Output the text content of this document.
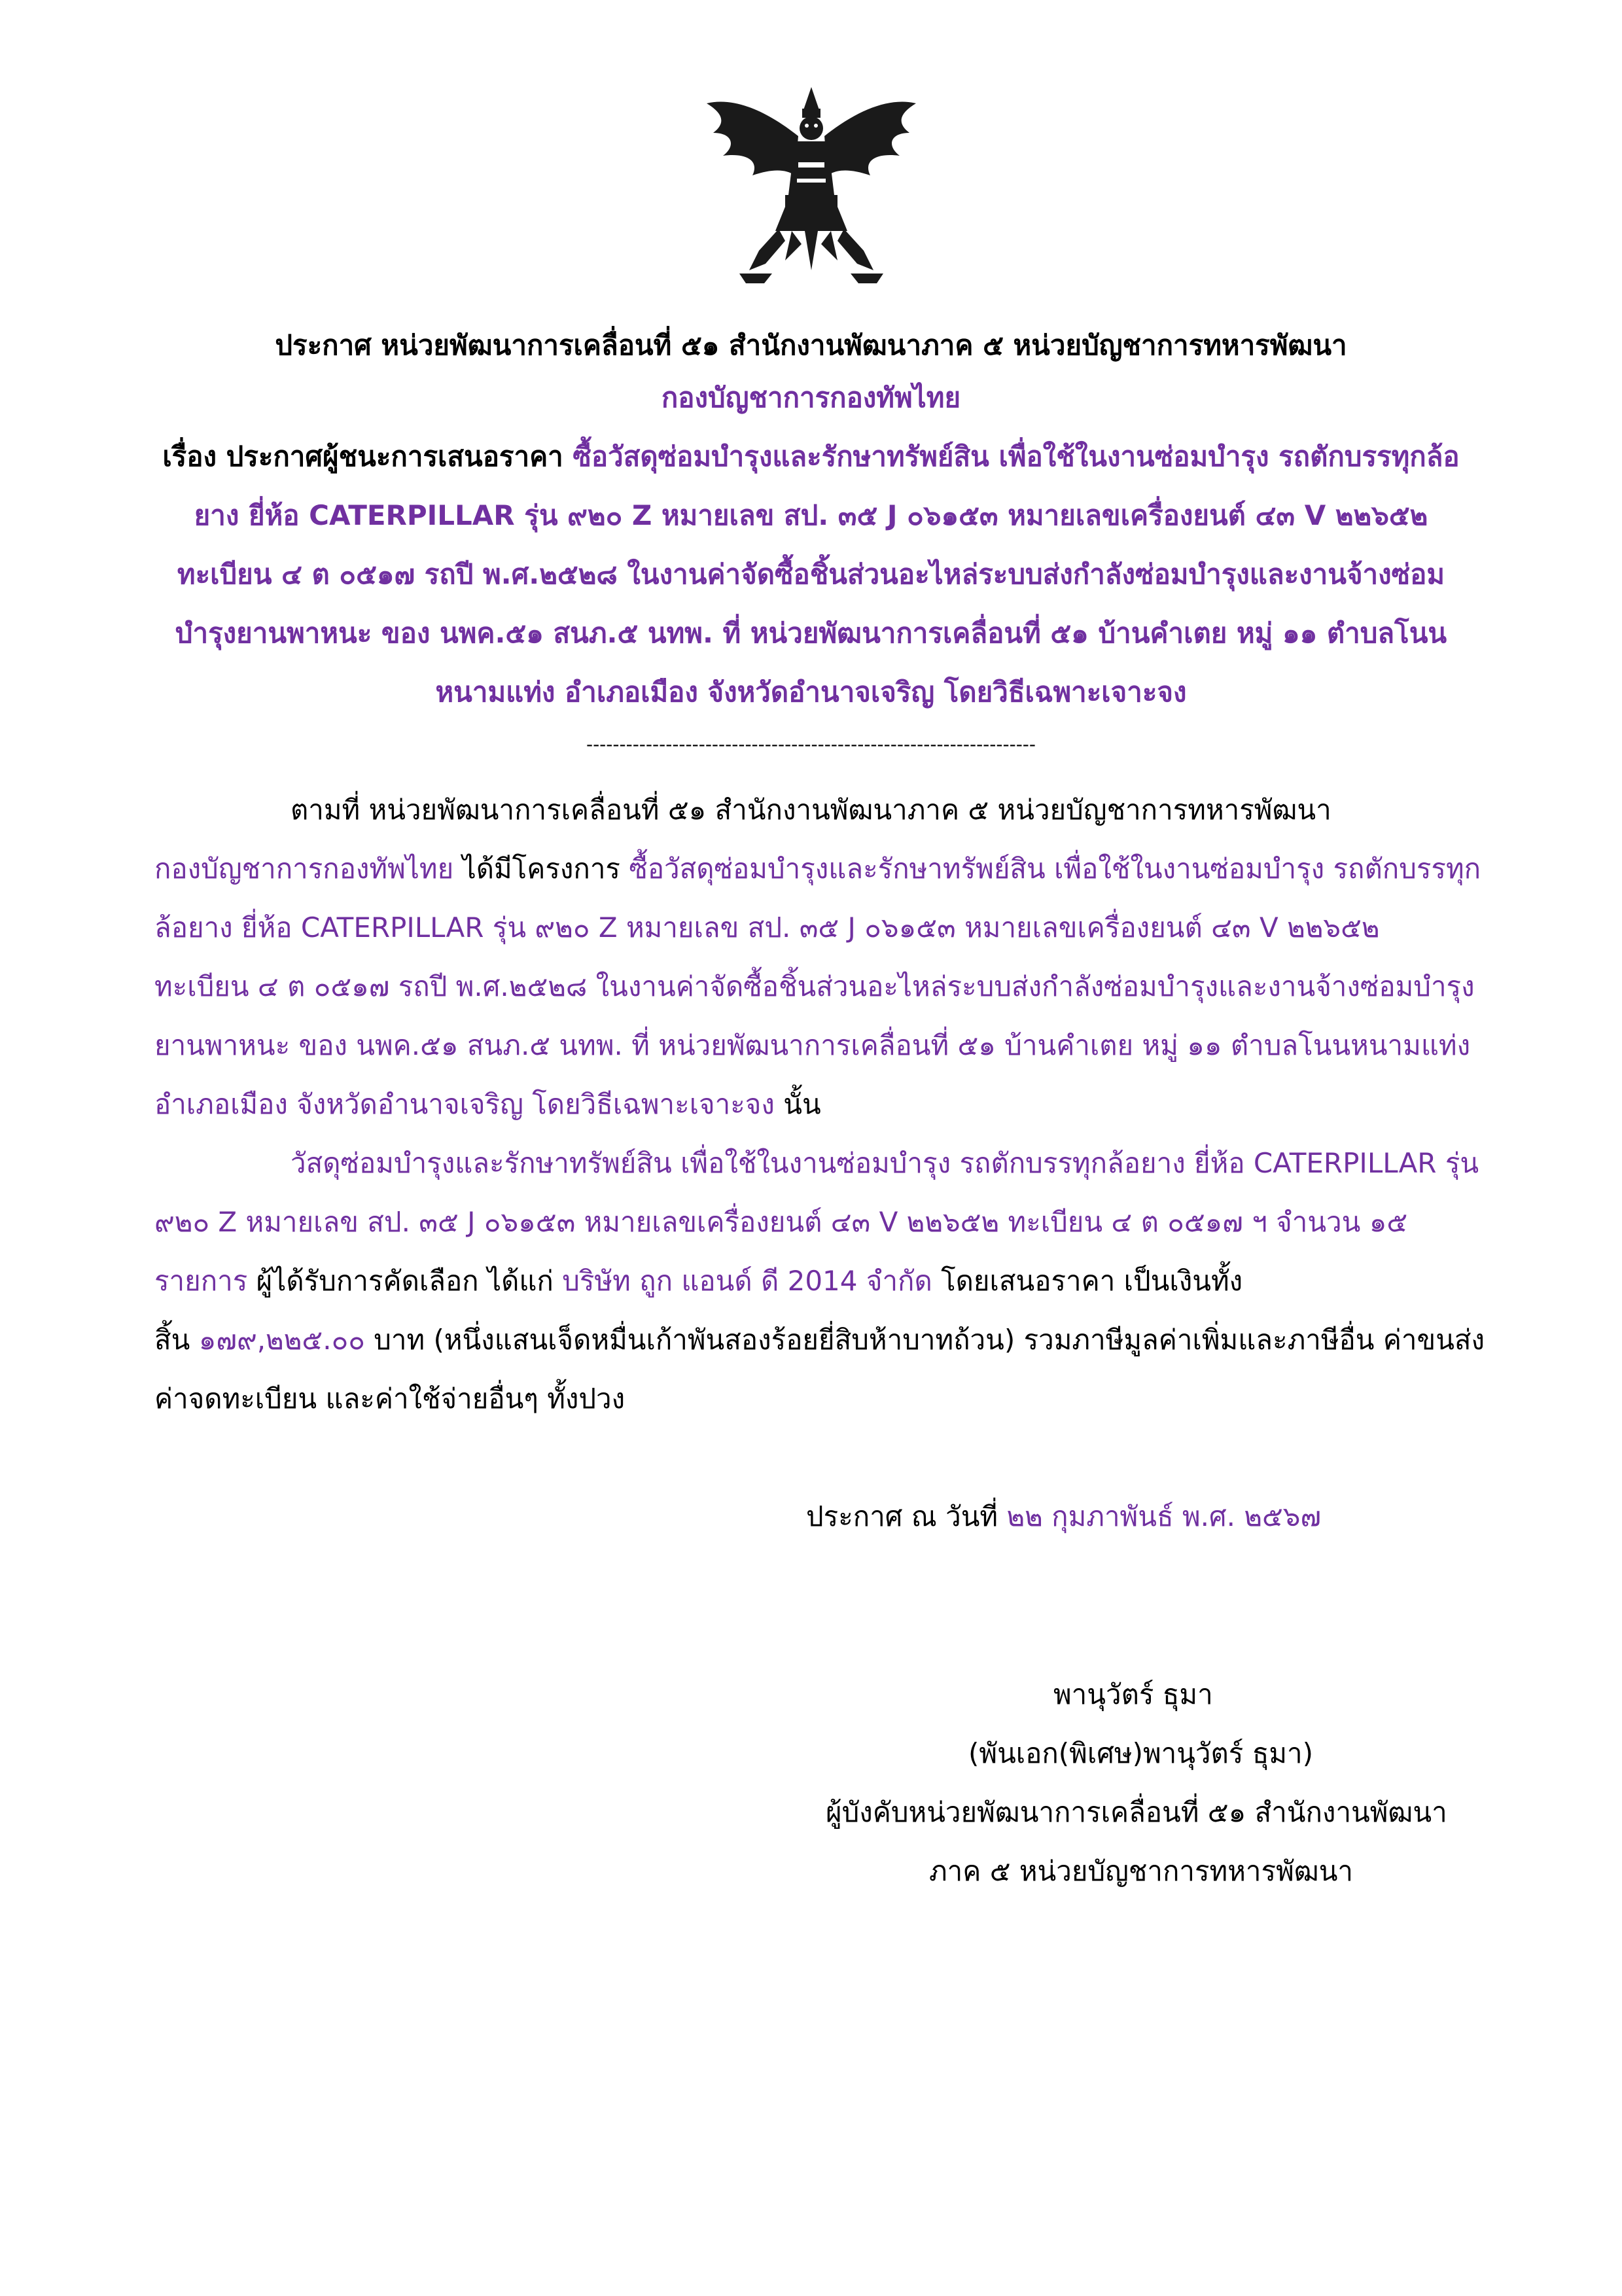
ประกาศ หน่วยพัฒนาการเคลื่อนที่ ๕๑ สำนักงานพัฒนาภาค ๕ หน่วยบัญชาการทหารพัฒนา
กองบัญชาการกองทัพไทย
เรื่อง ประกาศผู้ชนะการเสนอราคา ซื้อวัสดุซ่อมบำรุงและรักษาทรัพย์สิน เพื่อใช้ในงานซ่อมบำรุง รถตักบรรทุกล้อ
ยาง ยี่ห้อ CATERPILLAR รุ่น ๙๒๐ Z หมายเลข สป. ๓๕ J ๐๖๑๕๓ หมายเลขเครื่องยนต์ ๔๓ V ๒๒๖๕๒
ทะเบียน ๔ ต ๐๕๑๗ รถปี พ.ศ.๒๕๒๘ ในงานค่าจัดซื้อชิ้นส่วนอะไหล่ระบบส่งกำลังซ่อมบำรุงและงานจ้างซ่อม
บำรุงยานพาหนะ ของ นพค.๕๑ สนภ.๕ นทพ. ที่ หน่วยพัฒนาการเคลื่อนที่ ๕๑ บ้านคำเตย หมู่ ๑๑ ตำบลโนน
หนามแท่ง อำเภอเมือง จังหวัดอำนาจเจริญ โดยวิธีเฉพาะเจาะจง
--------------------------------------------------------------------
ตามที่ หน่วยพัฒนาการเคลื่อนที่ ๕๑ สำนักงานพัฒนาภาค ๕ หน่วยบัญชาการทหารพัฒนา
กองบัญชาการกองทัพไทย ได้มีโครงการ ซื้อวัสดุซ่อมบำรุงและรักษาทรัพย์สิน เพื่อใช้ในงานซ่อมบำรุง รถตักบรรทุก
ล้อยาง ยี่ห้อ CATERPILLAR รุ่น ๙๒๐ Z หมายเลข สป. ๓๕ J ๐๖๑๕๓ หมายเลขเครื่องยนต์ ๔๓ V ๒๒๖๕๒
ทะเบียน ๔ ต ๐๕๑๗ รถปี พ.ศ.๒๕๒๘ ในงานค่าจัดซื้อชิ้นส่วนอะไหล่ระบบส่งกำลังซ่อมบำรุงและงานจ้างซ่อมบำรุง
ยานพาหนะ ของ นพค.๕๑ สนภ.๕ นทพ. ที่ หน่วยพัฒนาการเคลื่อนที่ ๕๑ บ้านคำเตย หมู่ ๑๑ ตำบลโนนหนามแท่ง
อำเภอเมือง จังหวัดอำนาจเจริญ โดยวิธีเฉพาะเจาะจง นั้น
วัสดุซ่อมบำรุงและรักษาทรัพย์สิน เพื่อใช้ในงานซ่อมบำรุง รถตักบรรทุกล้อยาง ยี่ห้อ CATERPILLAR รุ่น
๙๒๐ Z หมายเลข สป. ๓๕ J ๐๖๑๕๓ หมายเลขเครื่องยนต์ ๔๓ V ๒๒๖๕๒ ทะเบียน ๔ ต ๐๕๑๗ ฯ จำนวน ๑๕
รายการ ผู้ได้รับการคัดเลือก ได้แก่ บริษัท ถูก แอนด์ ดี 2014 จำกัด โดยเสนอราคา เป็นเงินทั้ง
สิ้น ๑๗๙,๒๒๕.๐๐ บาท (หนึ่งแสนเจ็ดหมื่นเก้าพันสองร้อยยี่สิบห้าบาทถ้วน) รวมภาษีมูลค่าเพิ่มและภาษีอื่น ค่าขนส่ง
ค่าจดทะเบียน และค่าใช้จ่ายอื่นๆ ทั้งปวง
ประกาศ ณ วันที่ ๒๒ กุมภาพันธ์ พ.ศ. ๒๕๖๗
พานุวัตร์ ธุมา
(พันเอก(พิเศษ)พานุวัตร์ ธุมา)
ผู้บังคับหน่วยพัฒนาการเคลื่อนที่ ๕๑ สำนักงานพัฒนา
ภาค ๕ หน่วยบัญชาการทหารพัฒนา
